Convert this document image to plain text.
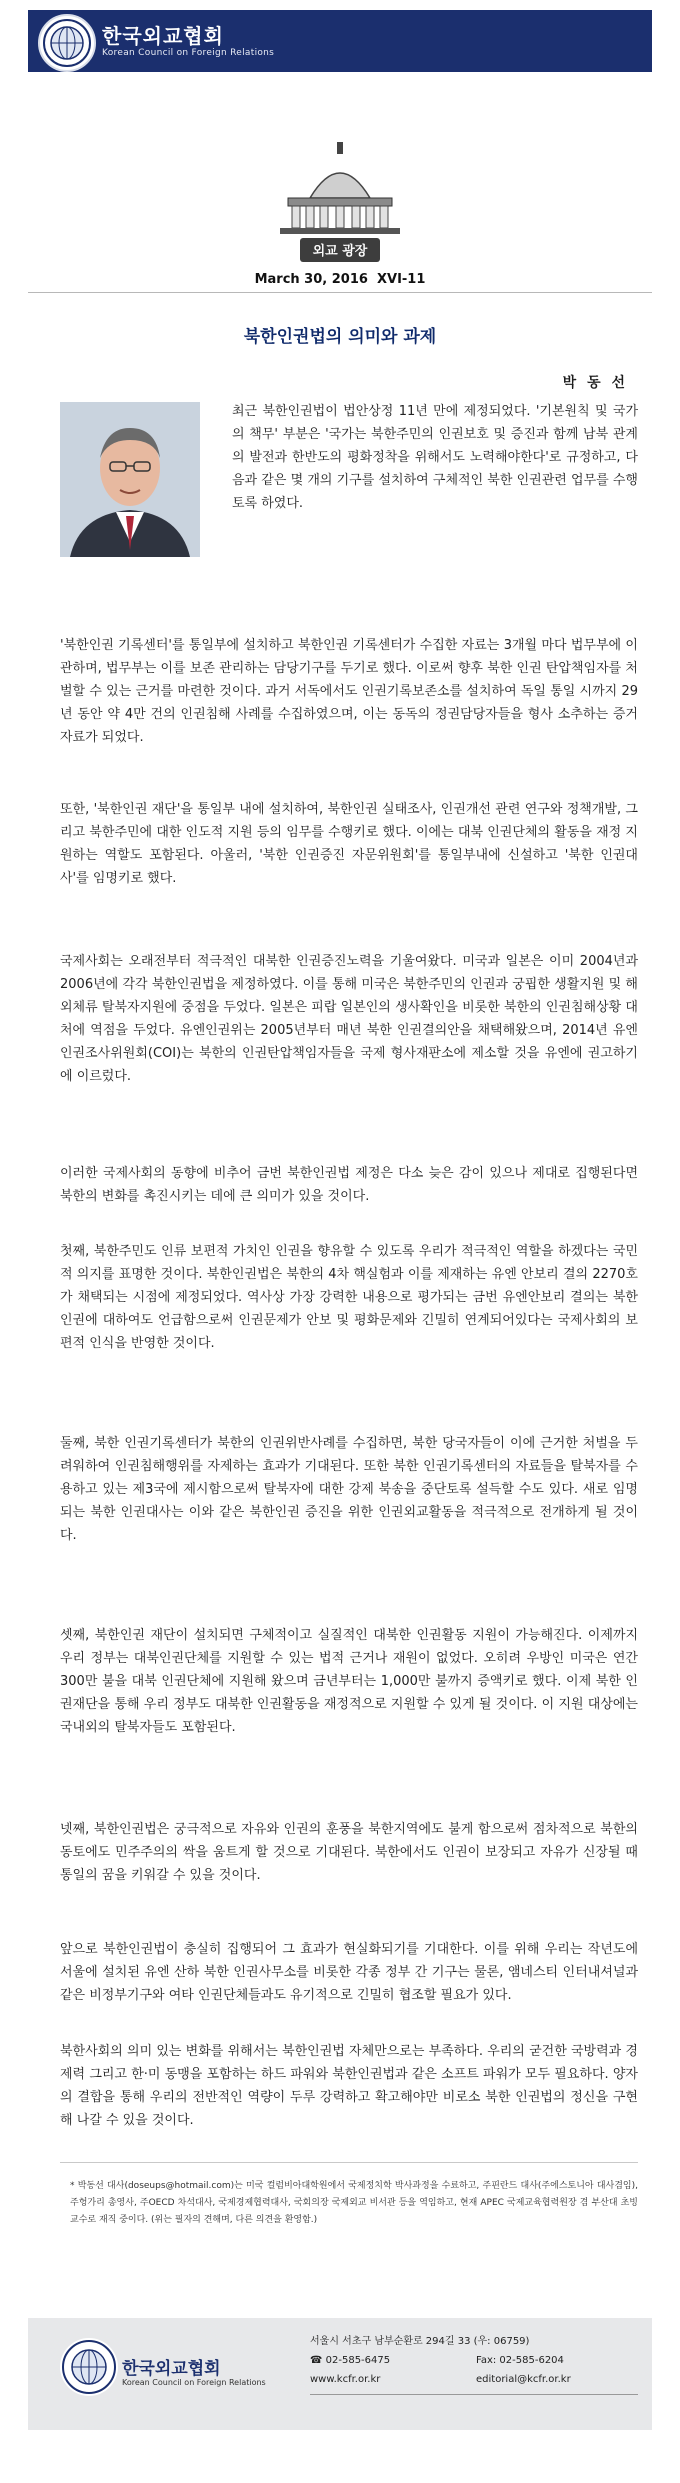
한국외교협회
Korean Council on Foreign Relations
외교 광장
March 30, 2016 XVI-11
북한인권법의 의미와 과제
박 동 선
최근 북한인권법이 법안상정 11년 만에 제정되었다. '기본원칙 및 국가의 책무' 부분은 '국가는 북한주민의 인권보호 및 증진과 함께 남북 관계의 발전과 한반도의 평화정착을 위해서도 노력해야한다'로 규정하고, 다음과 같은 몇 개의 기구를 설치하여 구체적인 북한 인권관련 업무를 수행토록 하였다.
'북한인권 기록센터'를 통일부에 설치하고 북한인권 기록센터가 수집한 자료는 3개월 마다 법무부에 이관하며, 법무부는 이를 보존 관리하는 담당기구를 두기로 했다. 이로써 향후 북한 인권 탄압책임자를 처벌할 수 있는 근거를 마련한 것이다. 과거 서독에서도 인권기록보존소를 설치하여 독일 통일 시까지 29년 동안 약 4만 건의 인권침해 사례를 수집하였으며, 이는 동독의 정권담당자들을 형사 소추하는 증거자료가 되었다.
또한, '북한인권 재단'을 통일부 내에 설치하여, 북한인권 실태조사, 인권개선 관련 연구와 정책개발, 그리고 북한주민에 대한 인도적 지원 등의 임무를 수행키로 했다. 이에는 대북 인권단체의 활동을 재정 지원하는 역할도 포함된다. 아울러, '북한 인권증진 자문위원회'를 통일부내에 신설하고 '북한 인권대사'를 임명키로 했다.
국제사회는 오래전부터 적극적인 대북한 인권증진노력을 기울여왔다. 미국과 일본은 이미 2004년과 2006년에 각각 북한인권법을 제정하였다. 이를 통해 미국은 북한주민의 인권과 궁핍한 생활지원 및 해외체류 탈북자지원에 중점을 두었다. 일본은 피랍 일본인의 생사확인을 비롯한 북한의 인권침해상황 대처에 역점을 두었다. 유엔인권위는 2005년부터 매년 북한 인권결의안을 채택해왔으며, 2014년 유엔인권조사위원회(COI)는 북한의 인권탄압책임자들을 국제 형사재판소에 제소할 것을 유엔에 권고하기에 이르렀다.
이러한 국제사회의 동향에 비추어 금번 북한인권법 제정은 다소 늦은 감이 있으나 제대로 집행된다면 북한의 변화를 촉진시키는 데에 큰 의미가 있을 것이다.
첫째, 북한주민도 인류 보편적 가치인 인권을 향유할 수 있도록 우리가 적극적인 역할을 하겠다는 국민적 의지를 표명한 것이다. 북한인권법은 북한의 4차 핵실험과 이를 제재하는 유엔 안보리 결의 2270호가 채택되는 시점에 제정되었다. 역사상 가장 강력한 내용으로 평가되는 금번 유엔안보리 결의는 북한 인권에 대하여도 언급함으로써 인권문제가 안보 및 평화문제와 긴밀히 연계되어있다는 국제사회의 보편적 인식을 반영한 것이다.
둘째, 북한 인권기록센터가 북한의 인권위반사례를 수집하면, 북한 당국자들이 이에 근거한 처벌을 두려워하여 인권침해행위를 자제하는 효과가 기대된다. 또한 북한 인권기록센터의 자료들을 탈북자를 수용하고 있는 제3국에 제시함으로써 탈북자에 대한 강제 북송을 중단토록 설득할 수도 있다. 새로 임명되는 북한 인권대사는 이와 같은 북한인권 증진을 위한 인권외교활동을 적극적으로 전개하게 될 것이다.
셋째, 북한인권 재단이 설치되면 구체적이고 실질적인 대북한 인권활동 지원이 가능해진다. 이제까지 우리 정부는 대북인권단체를 지원할 수 있는 법적 근거나 재원이 없었다. 오히려 우방인 미국은 연간 300만 불을 대북 인권단체에 지원해 왔으며 금년부터는 1,000만 불까지 증액키로 했다. 이제 북한 인권재단을 통해 우리 정부도 대북한 인권활동을 재정적으로 지원할 수 있게 될 것이다. 이 지원 대상에는 국내외의 탈북자들도 포함된다.
넷째, 북한인권법은 궁극적으로 자유와 인권의 훈풍을 북한지역에도 불게 함으로써 점차적으로 북한의 동토에도 민주주의의 싹을 움트게 할 것으로 기대된다. 북한에서도 인권이 보장되고 자유가 신장될 때 통일의 꿈을 키워갈 수 있을 것이다.
앞으로 북한인권법이 충실히 집행되어 그 효과가 현실화되기를 기대한다. 이를 위해 우리는 작년도에 서울에 설치된 유엔 산하 북한 인권사무소를 비롯한 각종 정부 간 기구는 물론, 앰네스티 인터내셔널과 같은 비정부기구와 여타 인권단체들과도 유기적으로 긴밀히 협조할 필요가 있다.
북한사회의 의미 있는 변화를 위해서는 북한인권법 자체만으로는 부족하다. 우리의 굳건한 국방력과 경제력 그리고 한·미 동맹을 포함하는 하드 파워와 북한인권법과 같은 소프트 파워가 모두 필요하다. 양자의 결합을 통해 우리의 전반적인 역량이 두루 강력하고 확고해야만 비로소 북한 인권법의 정신을 구현해 나갈 수 있을 것이다.
* 박동선 대사(doseups@hotmail.com)는 미국 컬럼비아대학원에서 국제정치학 박사과정을 수료하고, 주핀란드 대사(주에스토니아 대사겸임), 주헝가리 총영사, 주OECD 차석대사, 국제경제협력대사, 국회의장 국제외교 비서관 등을 역임하고, 현재 APEC 국제교육협력원장 겸 부산대 초빙교수로 재직 중이다. (위는 필자의 견해며, 다른 의견을 환영함.)
한국외교협회
Korean Council on Foreign Relations
서울시 서초구 남부순환로 294길 33 (우: 06759)
☎ 02-585-6475	Fax: 02-585-6204
www.kcfr.or.kr	editorial@kcfr.or.kr
